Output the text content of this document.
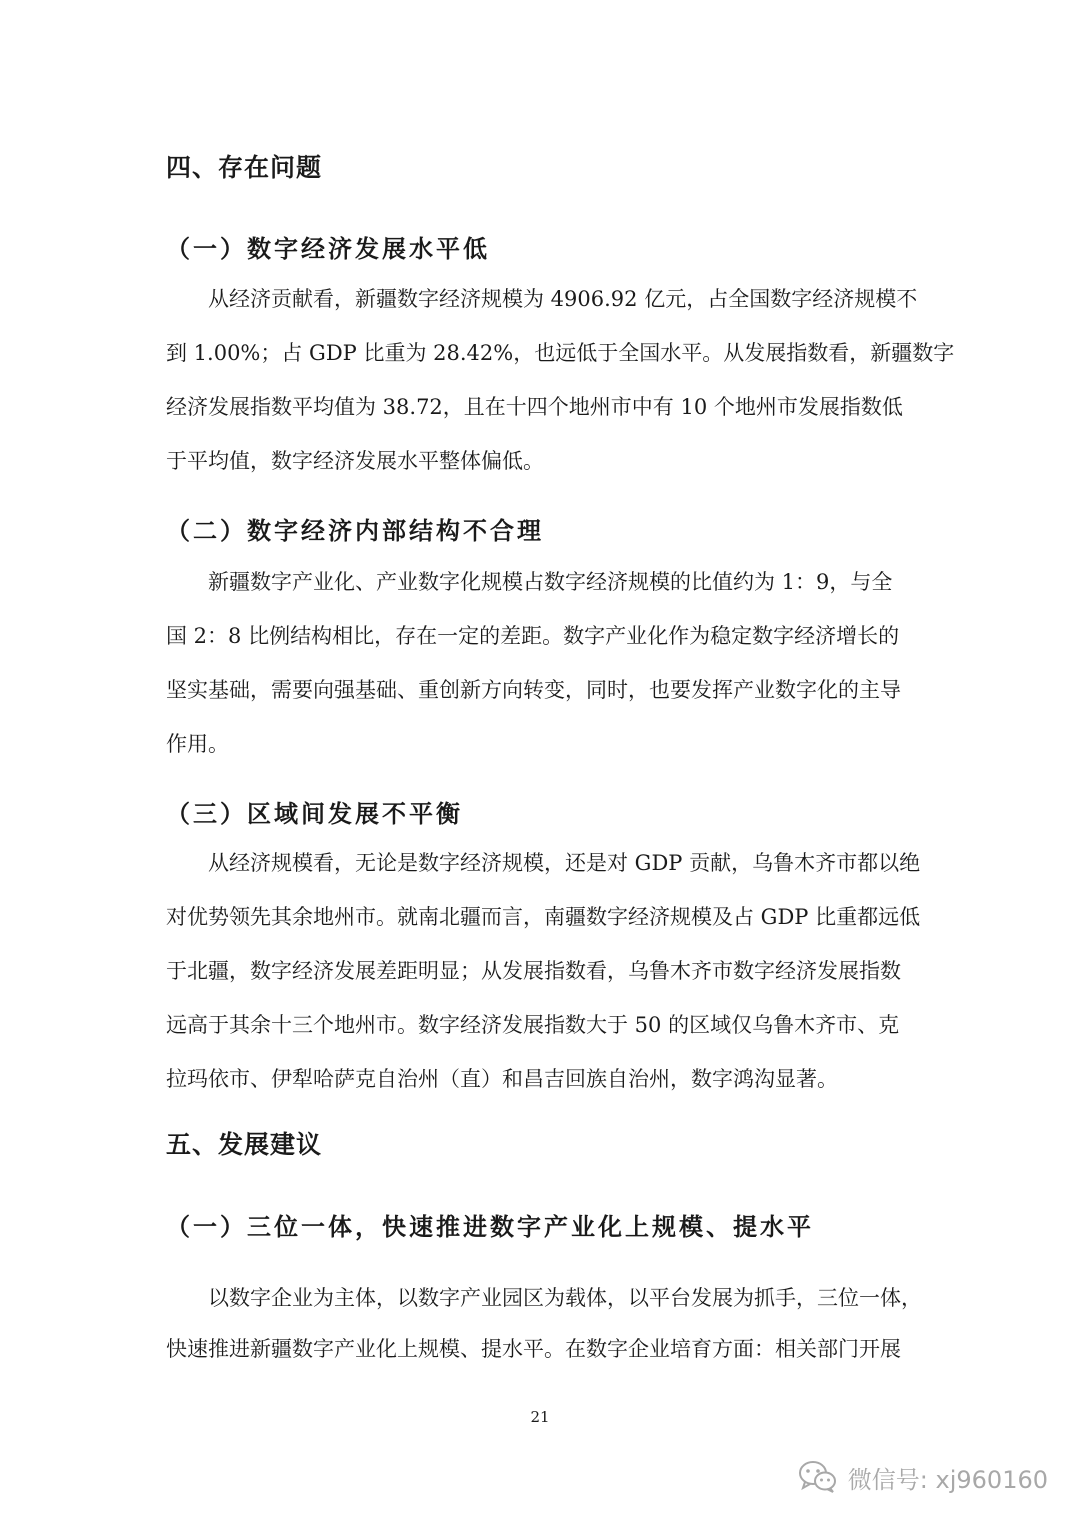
四、存在问题
（一）数字经济发展水平低
从经济贡献看，新疆数字经济规模为 4906.92 亿元，占全国数字经济规模不
到 1.00%；占 GDP 比重为 28.42%，也远低于全国水平。从发展指数看，新疆数字
经济发展指数平均值为 38.72，且在十四个地州市中有 10 个地州市发展指数低
于平均值，数字经济发展水平整体偏低。
（二）数字经济内部结构不合理
新疆数字产业化、产业数字化规模占数字经济规模的比值约为 1：9，与全
国 2：8 比例结构相比，存在一定的差距。数字产业化作为稳定数字经济增长的
坚实基础，需要向强基础、重创新方向转变，同时，也要发挥产业数字化的主导
作用。
（三）区域间发展不平衡
从经济规模看，无论是数字经济规模，还是对 GDP 贡献，乌鲁木齐市都以绝
对优势领先其余地州市。就南北疆而言，南疆数字经济规模及占 GDP 比重都远低
于北疆，数字经济发展差距明显；从发展指数看，乌鲁木齐市数字经济发展指数
远高于其余十三个地州市。数字经济发展指数大于 50 的区域仅乌鲁木齐市、克
拉玛依市、伊犁哈萨克自治州（直）和昌吉回族自治州，数字鸿沟显著。
五、发展建议
（一）三位一体，快速推进数字产业化上规模、提水平
以数字企业为主体，以数字产业园区为载体，以平台发展为抓手，三位一体，
快速推进新疆数字产业化上规模、提水平。在数字企业培育方面：相关部门开展
21
微信号: xj960160
